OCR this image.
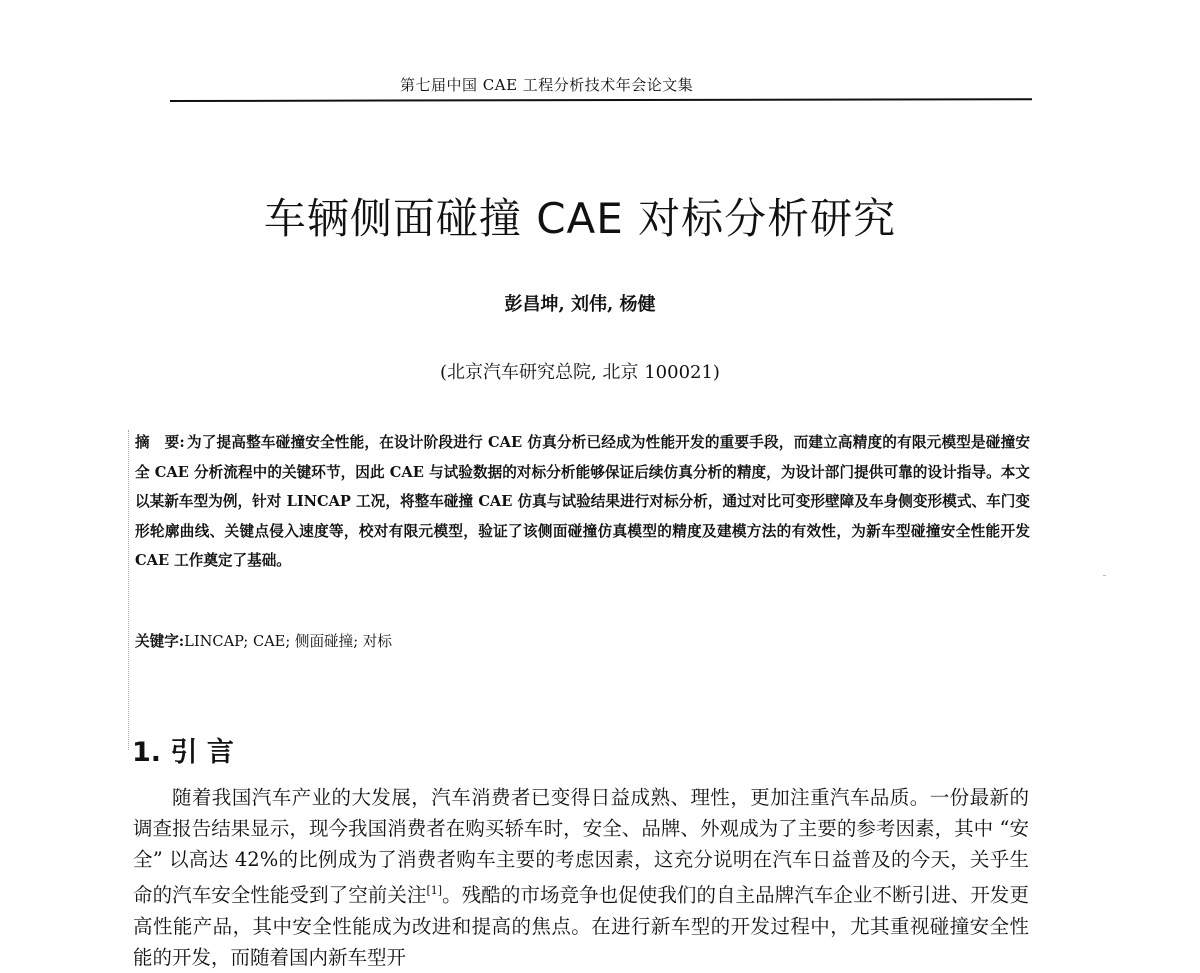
第七届中国 CAE 工程分析技术年会论文集
车辆侧面碰撞 CAE 对标分析研究
彭昌坤, 刘伟, 杨健
(北京汽车研究总院, 北京 100021)
摘　要: 为了提高整车碰撞安全性能，在设计阶段进行 CAE 仿真分析已经成为性能开发的重要手段，而建立高精度的有限元模型是碰撞安全 CAE 分析流程中的关键环节，因此 CAE 与试验数据的对标分析能够保证后续仿真分析的精度，为设计部门提供可靠的设计指导。本文以某新车型为例，针对 LINCAP 工况，将整车碰撞 CAE 仿真与试验结果进行对标分析，通过对比可变形壁障及车身侧变形模式、车门变形轮廓曲线、关键点侵入速度等，校对有限元模型，验证了该侧面碰撞仿真模型的精度及建模方法的有效性，为新车型碰撞安全性能开发 CAE 工作奠定了基础。
关键字:LINCAP; CAE; 侧面碰撞; 对标
1. 引 言

随着我国汽车产业的大发展，汽车消费者已变得日益成熟、理性，更加注重汽车品质。一份最新的调查报告结果显示，现今我国消费者在购买轿车时，安全、品牌、外观成为了主要的参考因素，其中 “安全” 以高达 42%的比例成为了消费者购车主要的考虑因素，这充分说明在汽车日益普及的今天，关乎生命的汽车安全性能受到了空前关注[1]。残酷的市场竞争也促使我们的自主品牌汽车企业不断引进、开发更高性能产品，其中安全性能成为改进和提高的焦点。在进行新车型的开发过程中，尤其重视碰撞安全性能的开发，而随着国内新车型开
